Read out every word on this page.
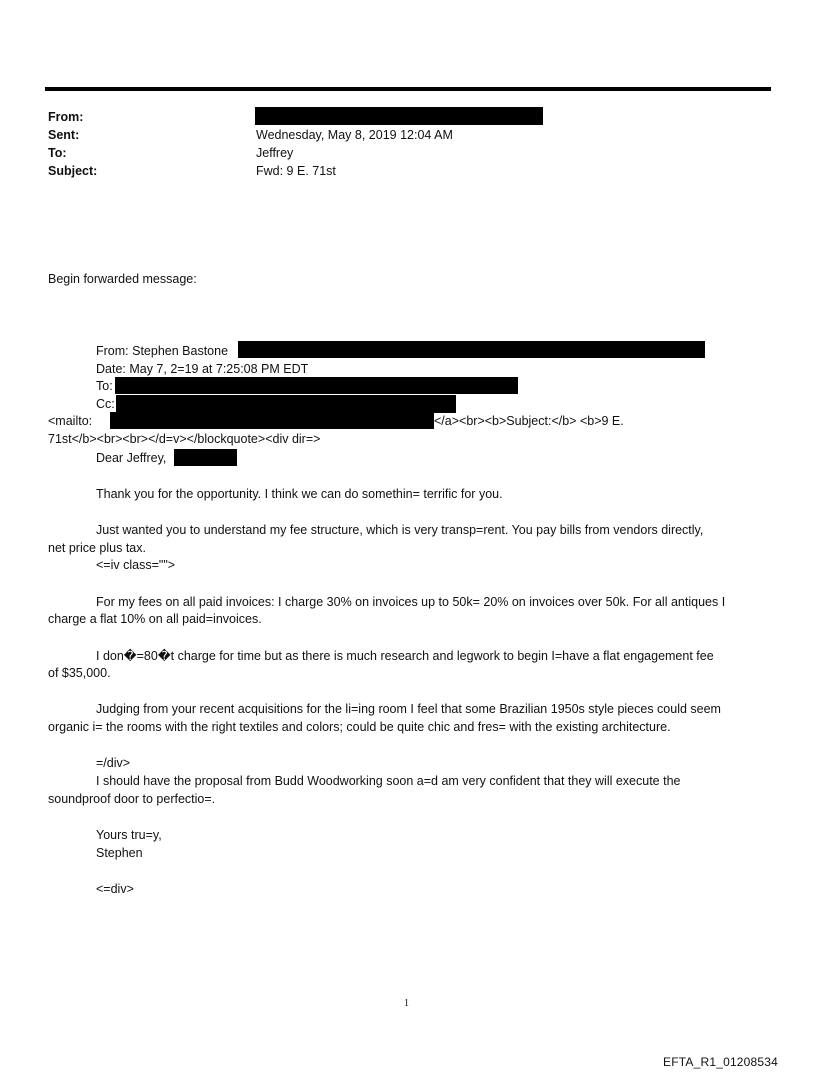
From:
Sent:	Wednesday, May 8, 2019 12:04 AM
To:	Jeffrey
Subject:	Fwd: 9 E. 71st
Begin forwarded message:
From: Stephen Bastone
Date: May 7, 2=19 at 7:25:08 PM EDT
To:
Cc:
<mailto:	</a><br><b>Subject:</b> <b>9 E.
71st</b><br><br></d=v></blockquote><div dir=>
Dear Jeffrey,
Thank you for the opportunity. I think we can do somethin= terrific for you.
Just wanted you to understand my fee structure, which is very transp=rent. You pay bills from vendors directly,
net price plus tax.
<=iv class="">
For my fees on all paid invoices: I charge 30% on invoices up to 50k= 20% on invoices over 50k. For all antiques I
charge a flat 10% on all paid=invoices.
I don�=80�t charge for time but as there is much research and legwork to begin I=have a flat engagement fee
of $35,000.
Judging from your recent acquisitions for the li=ing room I feel that some Brazilian 1950s style pieces could seem
organic i= the rooms with the right textiles and colors; could be quite chic and fres= with the existing architecture.
=/div>
I should have the proposal from Budd Woodworking soon a=d am very confident that they will execute the
soundproof door to perfectio=.
Yours tru=y,
Stephen
<=div>
1
EFTA_R1_01208534
